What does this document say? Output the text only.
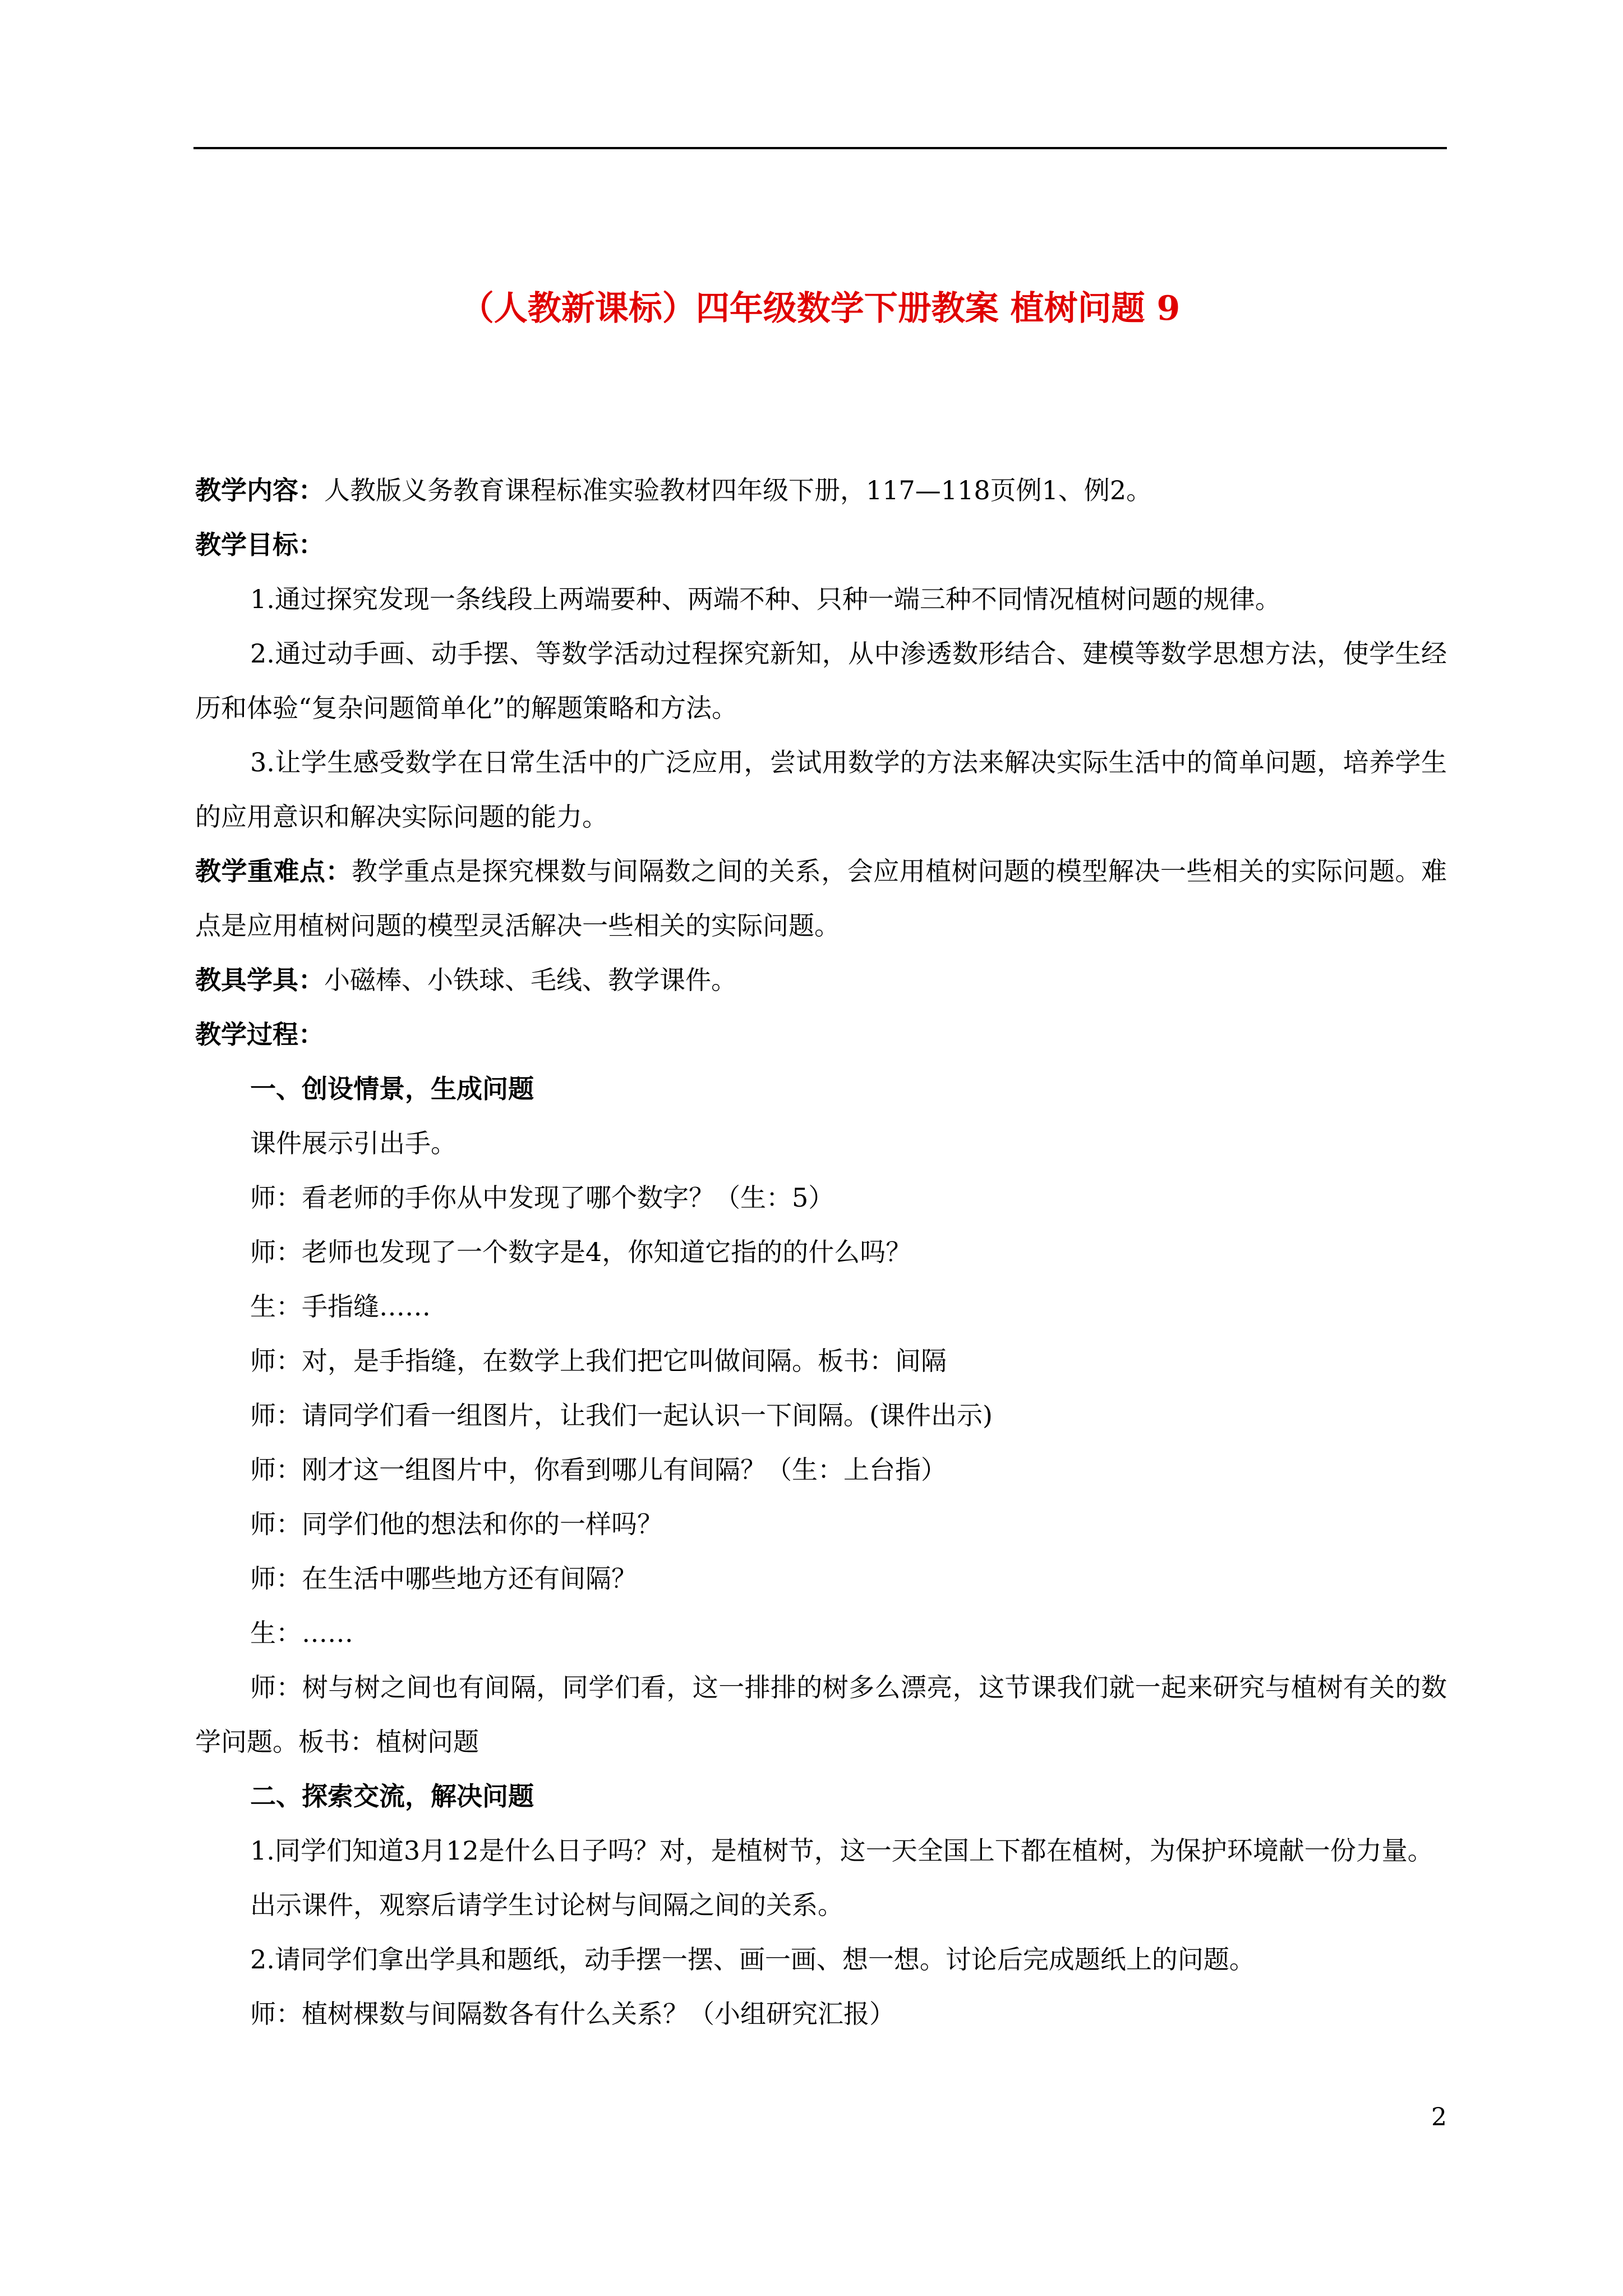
（人教新课标）四年级数学下册教案 植树问题 9

教学内容：人教版义务教育课程标准实验教材四年级下册，117—118页例1、例2。

教学目标：

1.通过探究发现一条线段上两端要种、两端不种、只种一端三种不同情况植树问题的规律。

2.通过动手画、动手摆、等数学活动过程探究新知，从中渗透数形结合、建模等数学思想方法，使学生经历和体验“复杂问题简单化”的解题策略和方法。

3.让学生感受数学在日常生活中的广泛应用，尝试用数学的方法来解决实际生活中的简单问题，培养学生的应用意识和解决实际问题的能力。

教学重难点：教学重点是探究棵数与间隔数之间的关系，会应用植树问题的模型解决一些相关的实际问题。难点是应用植树问题的模型灵活解决一些相关的实际问题。

教具学具：小磁棒、小铁球、毛线、教学课件。

教学过程：

一、创设情景，生成问题

课件展示引出手。

师：看老师的手你从中发现了哪个数字？（生：5）

师：老师也发现了一个数字是4，你知道它指的的什么吗？

生：手指缝……

师：对，是手指缝，在数学上我们把它叫做间隔。板书：间隔

师：请同学们看一组图片，让我们一起认识一下间隔。(课件出示)

师：刚才这一组图片中，你看到哪儿有间隔？（生：上台指）

师：同学们他的想法和你的一样吗？

师：在生活中哪些地方还有间隔？

生：……

师：树与树之间也有间隔，同学们看，这一排排的树多么漂亮，这节课我们就一起来研究与植树有关的数学问题。板书：植树问题

二、探索交流，解决问题

1.同学们知道3月12是什么日子吗？对，是植树节，这一天全国上下都在植树，为保护环境献一份力量。

出示课件，观察后请学生讨论树与间隔之间的关系。

2.请同学们拿出学具和题纸，动手摆一摆、画一画、想一想。讨论后完成题纸上的问题。

师：植树棵数与间隔数各有什么关系？（小组研究汇报）

2
